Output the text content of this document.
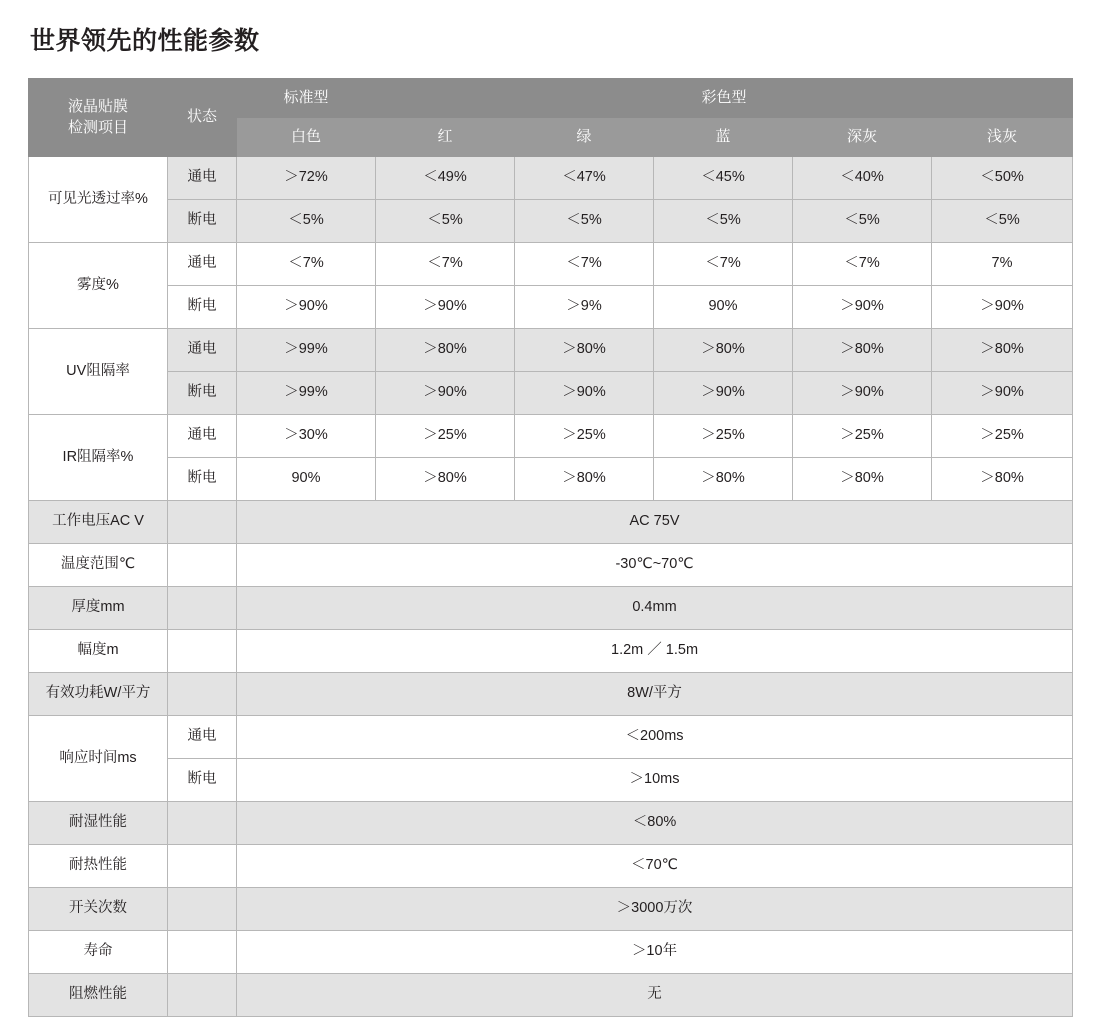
世界领先的性能参数
液晶贴膜
检测项目	状态	标准型	彩色型				
		白色	红	绿	蓝	深灰	浅灰
可见光透过率%	通电	＞72%	＜49%	＜47%	＜45%	＜40%	＜50%
	断电	＜5%	＜5%	＜5%	＜5%	＜5%	＜5%
雾度%	通电	＜7%	＜7%	＜7%	＜7%	＜7%	7%
	断电	＞90%	＞90%	＞9%	90%	＞90%	＞90%
UV阻隔率	通电	＞99%	＞80%	＞80%	＞80%	＞80%	＞80%
	断电	＞99%	＞90%	＞90%	＞90%	＞90%	＞90%
IR阻隔率%	通电	＞30%	＞25%	＞25%	＞25%	＞25%	＞25%
	断电	90%	＞80%	＞80%	＞80%	＞80%	＞80%
工作电压AC V		AC 75V					
温度范围℃		-30℃~70℃					
厚度mm		0.4mm					
幅度m		1.2m ／ 1.5m					
有效功耗W/平方		8W/平方					
响应时间ms	通电	＜200ms					
	断电	＞10ms					
耐湿性能		＜80%					
耐热性能		＜70℃					
开关次数		＞3000万次					
寿命		＞10年					
阻燃性能		无					
